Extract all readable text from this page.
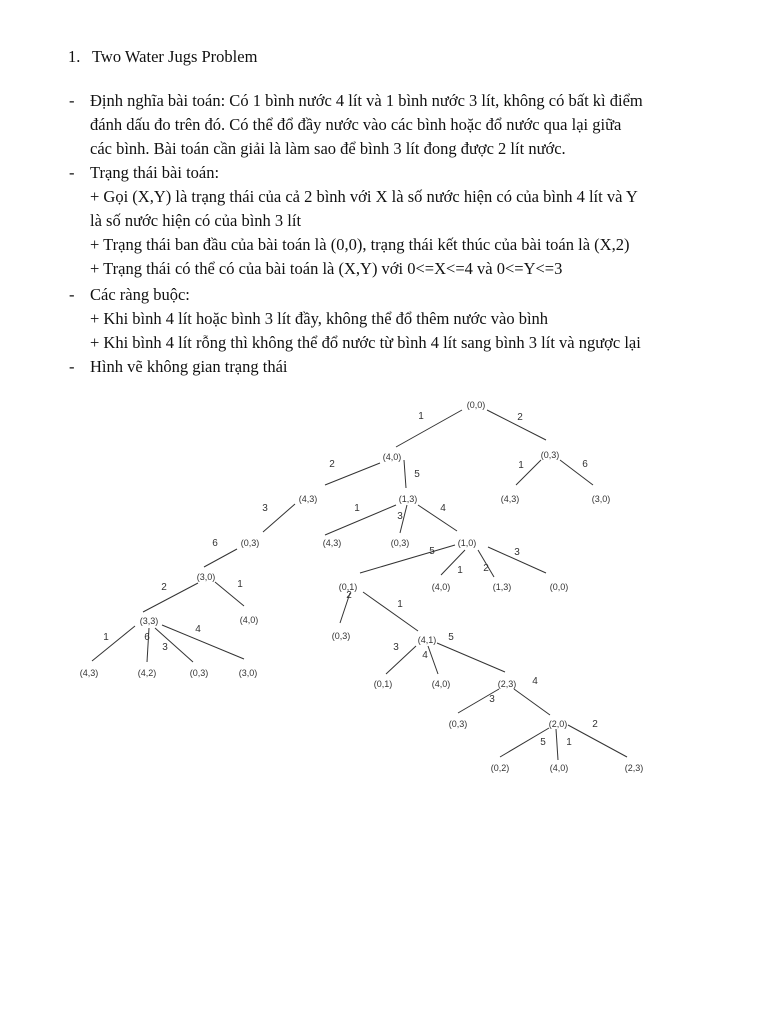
1. Two Water Jugs Problem
- Định nghĩa bài toán: Có 1 bình nước 4 lít và 1 bình nước 3 lít, không có bất kì điểm
đánh dấu đo trên đó. Có thể đổ đầy nước vào các bình hoặc đổ nước qua lại giữa
các bình. Bài toán cần giải là làm sao để bình 3 lít đong được 2 lít nước.
- Trạng thái bài toán:
+ Gọi (X,Y) là trạng thái của cả 2 bình với X là số nước hiện có của bình 4 lít và Y
là số nước hiện có của bình 3 lít
+ Trạng thái ban đầu của bài toán là (0,0), trạng thái kết thúc của bài toán là (X,2)
+ Trạng thái có thể có của bài toán là (X,Y) với 0<=X<=4 và 0<=Y<=3
- Các ràng buộc:
+ Khi bình 4 lít hoặc bình 3 lít đầy, không thể đổ thêm nước vào bình
+ Khi bình 4 lít rỗng thì không thể đổ nước từ bình 4 lít sang bình 3 lít và ngược lại
- Hình vẽ không gian trạng thái
(0,0)
(4,0)	(0,3)
(4,3)	(1,3)	(4,3)	(3,0)
(0,3)	(4,3)	(0,3)	(1,0)
(3,0)
(0,1)	(4,0)	(1,3)	(0,0)
(3,3)	(4,0)
(0,3)	(4,1)
(4,3)	(4,2)	(0,3)	(3,0)
(0,1)	(4,0)	(2,3)
(0,3)	(2,0)
(0,2)	(4,0)	(2,3)
1	2
2
5
1	6
3	1
3
4
6
5
1 2
3
2	1
2
1
1	6
3
4
3
4
5
3
4
5 1
2
